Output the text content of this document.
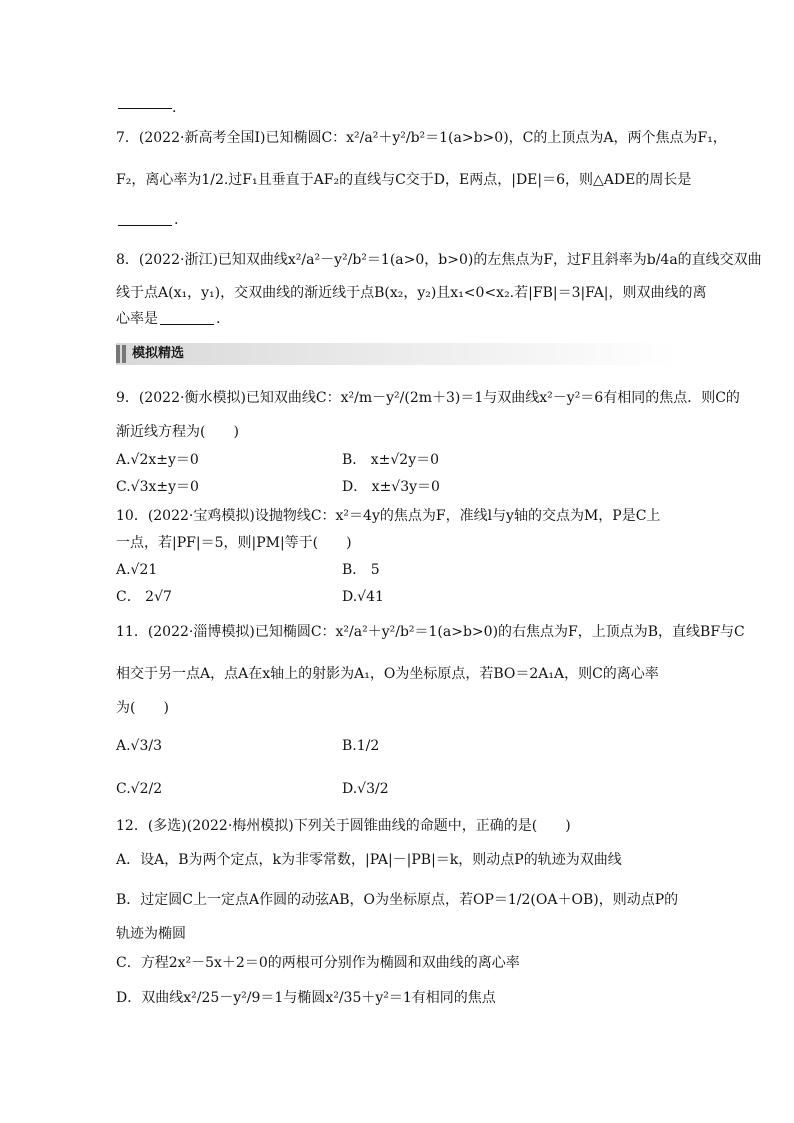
.
7．(2022·新高考全国Ⅰ)已知椭圆C：x²/a²＋y²/b²＝1(a>b>0)，C的上顶点为A，两个焦点为F₁，
F₂，离心率为1/2.过F₁且垂直于AF₂的直线与C交于D，E两点，|DE|＝6，则△ADE的周长是
.
8．(2022·浙江)已知双曲线x²/a²－y²/b²＝1(a>0，b>0)的左焦点为F，过F且斜率为b/4a的直线交双曲
线于点A(x₁，y₁)，交双曲线的渐近线于点B(x₂，y₂)且x₁<0<x₂.若|FB|＝3|FA|，则双曲线的离
心率是	.
模拟精选
9．(2022·衡水模拟)已知双曲线C：x²/m－y²/(2m＋3)＝1与双曲线x²－y²＝6有相同的焦点．则C的
渐近线方程为(　　)
A.√2x±y＝0	B． x±√2y＝0
C.√3x±y＝0	D． x±√3y＝0
10．(2022·宝鸡模拟)设抛物线C：x²＝4y的焦点为F，准线l与y轴的交点为M，P是C上
一点，若|PF|＝5，则|PM|等于(　　)
A.√21	B． 5
C． 2√7	D.√41
11．(2022·淄博模拟)已知椭圆C：x²/a²＋y²/b²＝1(a>b>0)的右焦点为F，上顶点为B，直线BF与C
相交于另一点A，点A在x轴上的射影为A₁，O为坐标原点，若BO＝2A₁A，则C的离心率
为(　　)
A.√3/3	B.1/2
C.√2/2	D.√3/2
12．(多选)(2022·梅州模拟)下列关于圆锥曲线的命题中，正确的是(　　)
A．设A，B为两个定点，k为非零常数，|PA|－|PB|＝k，则动点P的轨迹为双曲线
B．过定圆C上一定点A作圆的动弦AB，O为坐标原点，若OP＝1/2(OA＋OB)，则动点P的
轨迹为椭圆
C．方程2x²－5x＋2＝0的两根可分别作为椭圆和双曲线的离心率
D．双曲线x²/25－y²/9＝1与椭圆x²/35＋y²＝1有相同的焦点
